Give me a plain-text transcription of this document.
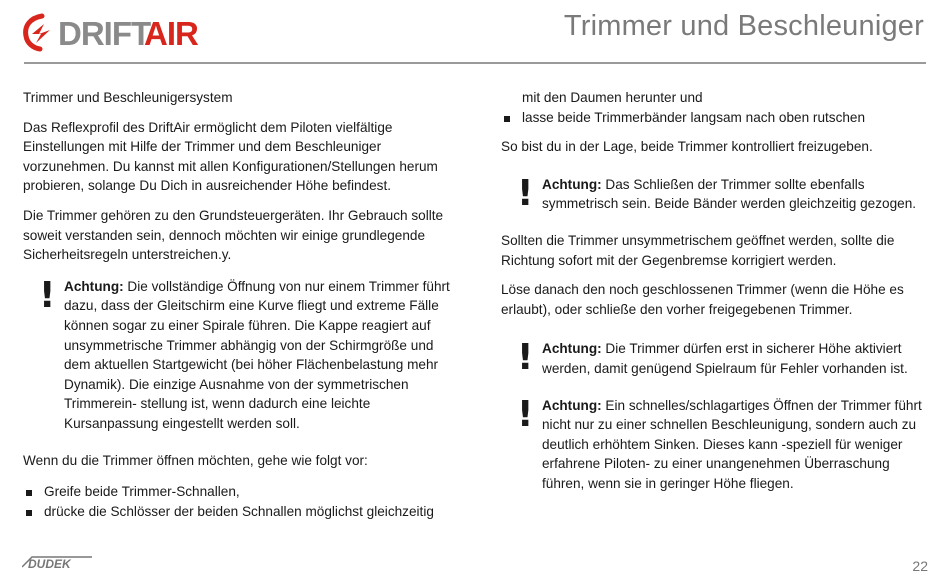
DRIFT
AIR	Trimmer und Beschleuniger

Trimmer und Beschleunigersystem

Das Reflexprofil des DriftAir ermöglicht dem Piloten vielfältige Einstellungen mit Hilfe der Trimmer und dem Beschleuniger vorzunehmen. Du kannst mit allen Konfigurationen/Stellungen herum probieren, solange Du Dich in ausreichender Höhe befindest.

Die Trimmer gehören zu den Grundsteuergeräten. Ihr Gebrauch sollte soweit verstanden sein, dennoch möchten wir einige grundlegende Sicherheitsregeln unterstreichen.y.

! Achtung: Die vollständige Öffnung von nur einem Trimmer führt dazu, dass der Gleitschirm eine Kurve fliegt und extreme Fälle können sogar zu einer Spirale führen. Die Kappe reagiert auf unsymmetrische Trimmer abhängig von der Schirmgröße und dem aktuellen Startgewicht (bei höher Flächenbelastung mehr Dynamik). Die einzige Ausnahme von der symmetrischen Trimmerein- stellung ist, wenn dadurch eine leichte Kursanpassung eingestellt werden soll.

Wenn du die Trimmer öffnen möchten, gehe wie folgt vor:

Greife beide Trimmer-Schnallen,
drücke die Schlösser der beiden Schnallen möglichst gleichzeitig

mit den Daumen herunter und

lasse beide Trimmerbänder langsam nach oben rutschen

So bist du in der Lage, beide Trimmer kontrolliert freizugeben.

! Achtung: Das Schließen der Trimmer sollte ebenfalls symmetrisch sein. Beide Bänder werden gleichzeitig gezogen.

Sollten die Trimmer unsymmetrischem geöffnet werden, sollte die Richtung sofort mit der Gegenbremse korrigiert werden.

Löse danach den noch geschlossenen Trimmer (wenn die Höhe es erlaubt), oder schließe den vorher freigegebenen Trimmer.

! Achtung: Die Trimmer dürfen erst in sicherer Höhe aktiviert werden, damit genügend Spielraum für Fehler vorhanden ist.
! Achtung: Ein schnelles/schlagartiges Öffnen der Trimmer führt nicht nur zu einer schnellen Beschleunigung, sondern auch zu deutlich erhöhtem Sinken. Dieses kann -speziell für weniger erfahrene Piloten- zu einer unangenehmen Überraschung führen, wenn sie in geringer Höhe fliegen.
DUDEK	22
